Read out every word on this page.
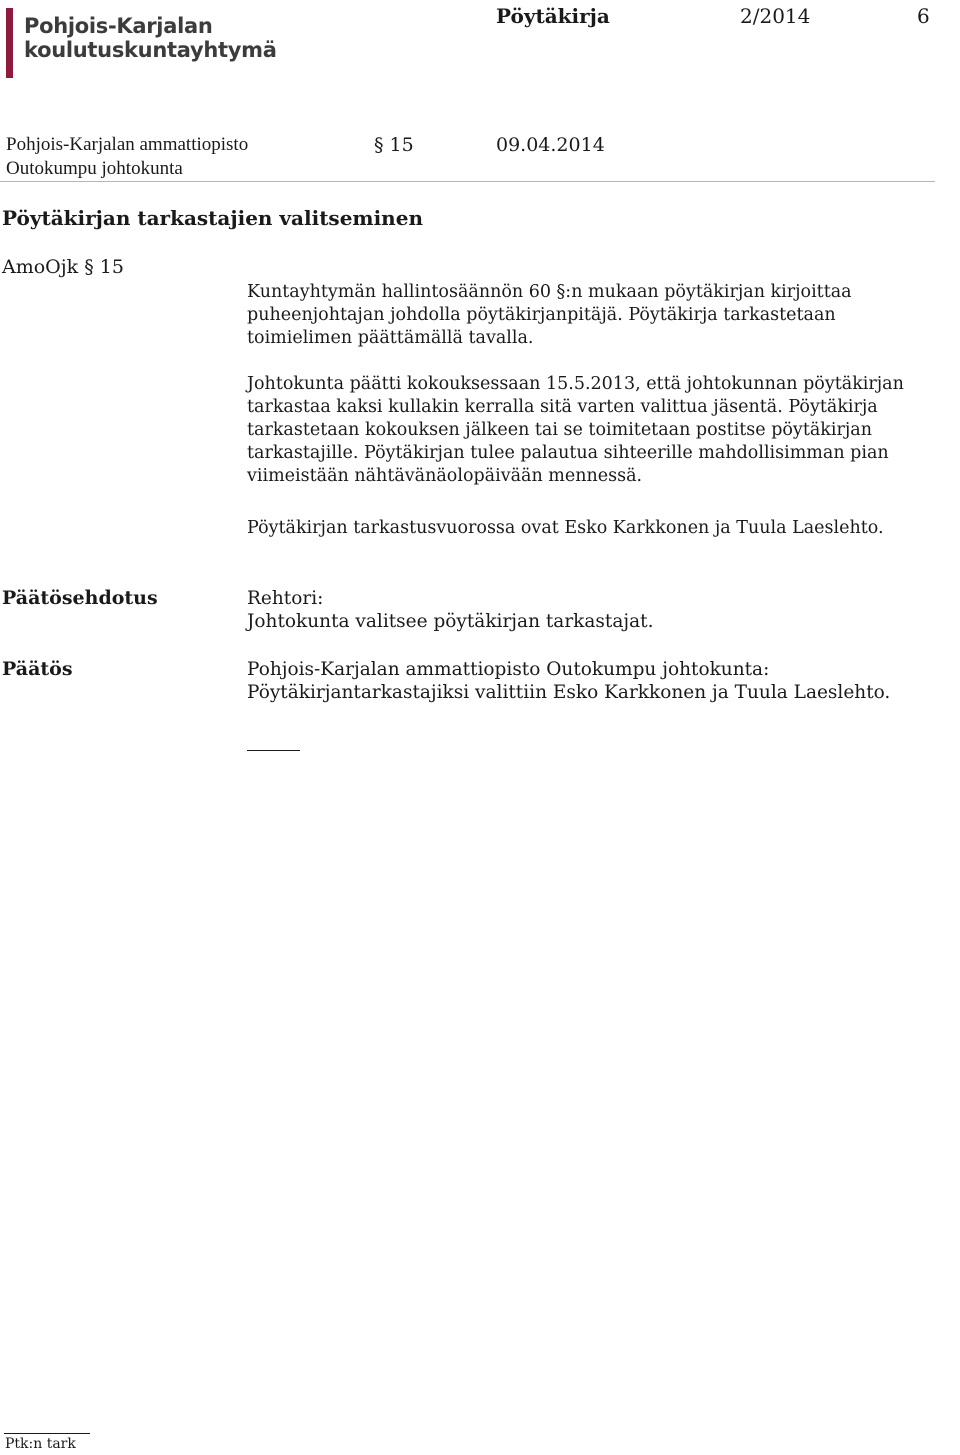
Pohjois-Karjalan
koulutuskuntayhtymä
Pöytäkirja	2/2014	6
Pohjois-Karjalan ammattiopisto
Outokumpu johtokunta
§ 15	09.04.2014
Pöytäkirjan tarkastajien valitseminen
AmoOjk § 15
Kuntayhtymän hallintosäännön 60 §:n mukaan pöytäkirjan kirjoittaa puheenjohtajan johdolla pöytäkirjanpitäjä. Pöytäkirja tarkastetaan toimielimen päättämällä tavalla.
Johtokunta päätti kokouksessaan 15.5.2013, että johtokunnan pöytäkirjan tarkastaa kaksi kullakin kerralla sitä varten valittua jäsentä. Pöytäkirja tarkastetaan kokouksen jälkeen tai se toimitetaan postitse pöytäkirjan tarkastajille. Pöytäkirjan tulee palautua sihteerille mahdollisimman pian viimeistään nähtävänäolopäivään mennessä.
Pöytäkirjan tarkastusvuorossa ovat Esko Karkkonen ja Tuula Laeslehto.
Päätösehdotus	Rehtori:
Johtokunta valitsee pöytäkirjan tarkastajat.
Päätös	Pohjois-Karjalan ammattiopisto Outokumpu johtokunta:
Pöytäkirjantarkastajiksi valittiin Esko Karkkonen ja Tuula Laeslehto.
Ptk:n tark
